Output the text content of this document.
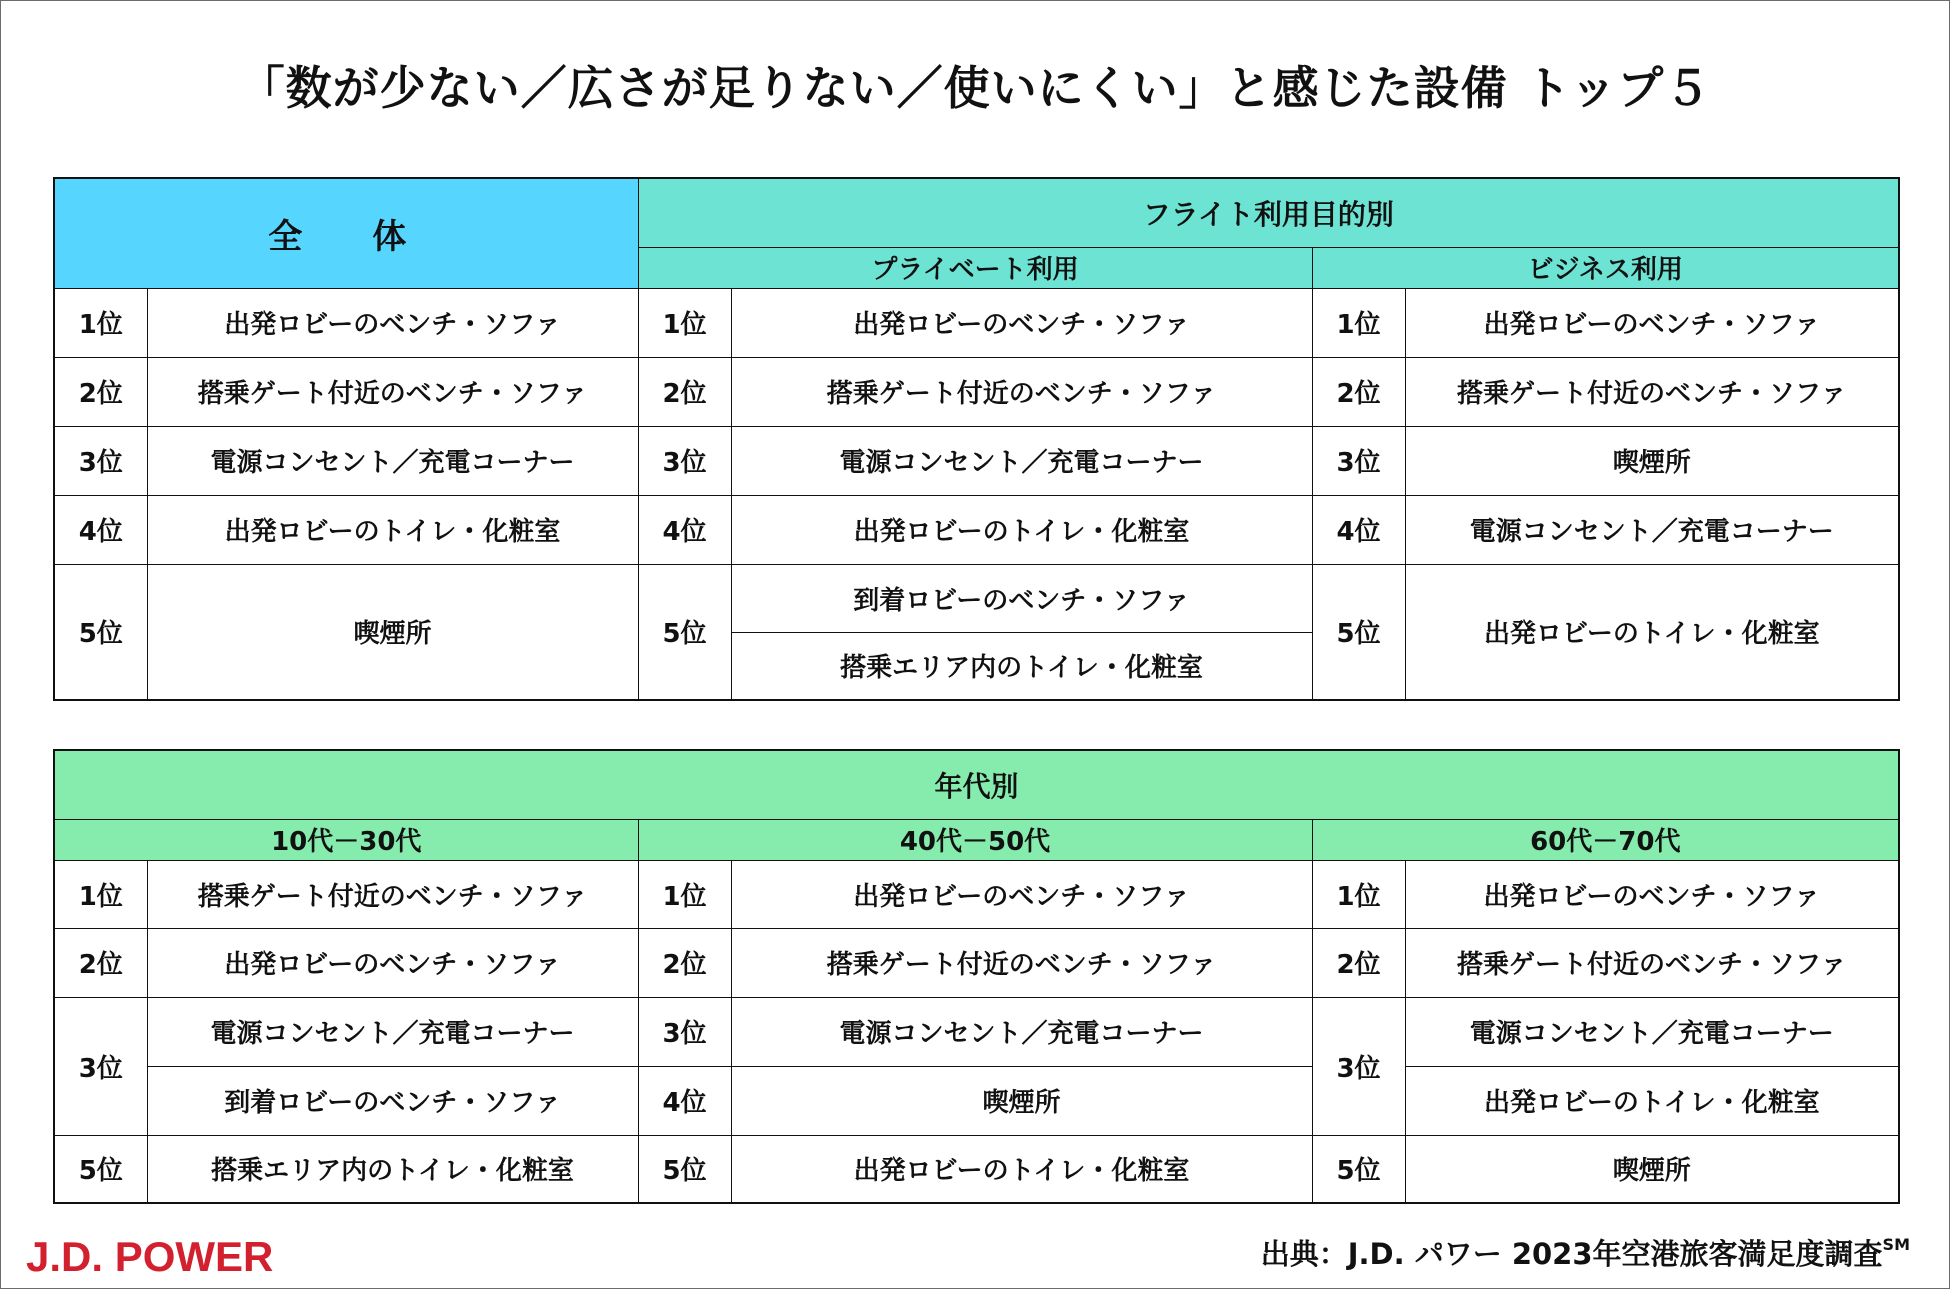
「数が少ない／広さが足りない／使いにくい」と感じた設備 トップ５
全　体		フライト利用目的別			
		プライベート利用		ビジネス利用	
1位	出発ロビーのベンチ・ソファ	1位	出発ロビーのベンチ・ソファ	1位	出発ロビーのベンチ・ソファ
2位	搭乗ゲート付近のベンチ・ソファ	2位	搭乗ゲート付近のベンチ・ソファ	2位	搭乗ゲート付近のベンチ・ソファ
3位	電源コンセント／充電コーナー	3位	電源コンセント／充電コーナー	3位	喫煙所
4位	出発ロビーのトイレ・化粧室	4位	出発ロビーのトイレ・化粧室	4位	電源コンセント／充電コーナー
5位	喫煙所	5位	到着ロビーのベンチ・ソファ	5位	出発ロビーのトイレ・化粧室
			搭乗エリア内のトイレ・化粧室		
年代別					
10代－30代		40代－50代		60代－70代	
1位	搭乗ゲート付近のベンチ・ソファ	1位	出発ロビーのベンチ・ソファ	1位	出発ロビーのベンチ・ソファ
2位	出発ロビーのベンチ・ソファ	2位	搭乗ゲート付近のベンチ・ソファ	2位	搭乗ゲート付近のベンチ・ソファ
3位	電源コンセント／充電コーナー	3位	電源コンセント／充電コーナー	3位	電源コンセント／充電コーナー
	到着ロビーのベンチ・ソファ	4位	喫煙所		出発ロビーのトイレ・化粧室
5位	搭乗エリア内のトイレ・化粧室	5位	出発ロビーのトイレ・化粧室	5位	喫煙所
J.D. POWER	出典：J.D. パワー 2023年空港旅客満足度調査℠
